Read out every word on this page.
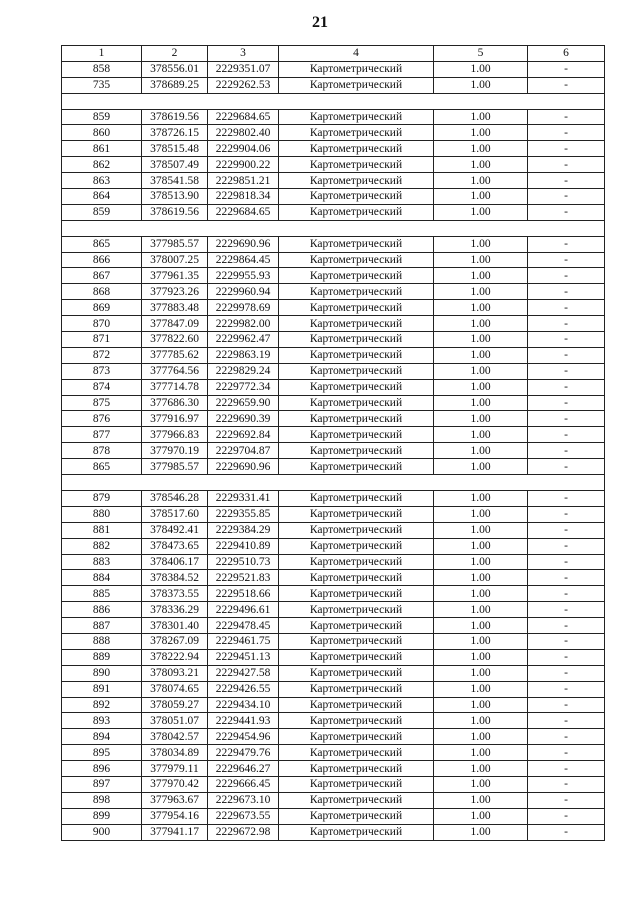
21
1	2	3	4	5	6
858	378556.01	2229351.07	Картометрический	1.00	-
735	378689.25	2229262.53	Картометрический	1.00	-

859	378619.56	2229684.65	Картометрический	1.00	-
860	378726.15	2229802.40	Картометрический	1.00	-
861	378515.48	2229904.06	Картометрический	1.00	-
862	378507.49	2229900.22	Картометрический	1.00	-
863	378541.58	2229851.21	Картометрический	1.00	-
864	378513.90	2229818.34	Картометрический	1.00	-
859	378619.56	2229684.65	Картометрический	1.00	-

865	377985.57	2229690.96	Картометрический	1.00	-
866	378007.25	2229864.45	Картометрический	1.00	-
867	377961.35	2229955.93	Картометрический	1.00	-
868	377923.26	2229960.94	Картометрический	1.00	-
869	377883.48	2229978.69	Картометрический	1.00	-
870	377847.09	2229982.00	Картометрический	1.00	-
871	377822.60	2229962.47	Картометрический	1.00	-
872	377785.62	2229863.19	Картометрический	1.00	-
873	377764.56	2229829.24	Картометрический	1.00	-
874	377714.78	2229772.34	Картометрический	1.00	-
875	377686.30	2229659.90	Картометрический	1.00	-
876	377916.97	2229690.39	Картометрический	1.00	-
877	377966.83	2229692.84	Картометрический	1.00	-
878	377970.19	2229704.87	Картометрический	1.00	-
865	377985.57	2229690.96	Картометрический	1.00	-

879	378546.28	2229331.41	Картометрический	1.00	-
880	378517.60	2229355.85	Картометрический	1.00	-
881	378492.41	2229384.29	Картометрический	1.00	-
882	378473.65	2229410.89	Картометрический	1.00	-
883	378406.17	2229510.73	Картометрический	1.00	-
884	378384.52	2229521.83	Картометрический	1.00	-
885	378373.55	2229518.66	Картометрический	1.00	-
886	378336.29	2229496.61	Картометрический	1.00	-
887	378301.40	2229478.45	Картометрический	1.00	-
888	378267.09	2229461.75	Картометрический	1.00	-
889	378222.94	2229451.13	Картометрический	1.00	-
890	378093.21	2229427.58	Картометрический	1.00	-
891	378074.65	2229426.55	Картометрический	1.00	-
892	378059.27	2229434.10	Картометрический	1.00	-
893	378051.07	2229441.93	Картометрический	1.00	-
894	378042.57	2229454.96	Картометрический	1.00	-
895	378034.89	2229479.76	Картометрический	1.00	-
896	377979.11	2229646.27	Картометрический	1.00	-
897	377970.42	2229666.45	Картометрический	1.00	-
898	377963.67	2229673.10	Картометрический	1.00	-
899	377954.16	2229673.55	Картометрический	1.00	-
900	377941.17	2229672.98	Картометрический	1.00	-
